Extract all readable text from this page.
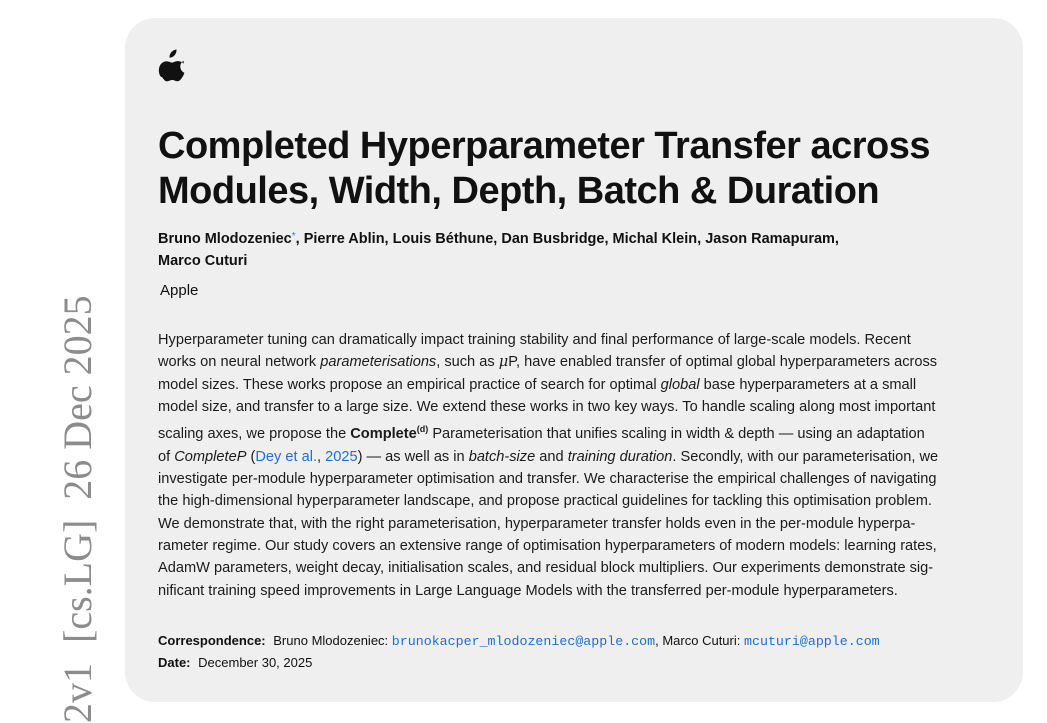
2v1  [cs.LG]  26 Dec 2025
Completed Hyperparameter Transfer across
Modules, Width, Depth, Batch & Duration
Bruno Mlodozeniec*, Pierre Ablin, Louis Béthune, Dan Busbridge, Michal Klein, Jason Ramapuram,
Marco Cuturi
Apple
Hyperparameter tuning can dramatically impact training stability and final performance of large-scale models. Recent
works on neural network parameterisations, such as μP, have enabled transfer of optimal global hyperparameters across
model sizes. These works propose an empirical practice of search for optimal global base hyperparameters at a small
model size, and transfer to a large size. We extend these works in two key ways. To handle scaling along most important
scaling axes, we propose the Complete$^{(d)}$ Parameterisation that unifies scaling in width & depth — using an adaptation
of CompleteP (Dey et al., 2025) — as well as in batch-size and training duration. Secondly, with our parameterisation, we
investigate per-module hyperparameter optimisation and transfer. We characterise the empirical challenges of navigating
the high-dimensional hyperparameter landscape, and propose practical guidelines for tackling this optimisation problem.
We demonstrate that, with the right parameterisation, hyperparameter transfer holds even in the per-module hyperpa-
rameter regime. Our study covers an extensive range of optimisation hyperparameters of modern models: learning rates,
AdamW parameters, weight decay, initialisation scales, and residual block multipliers. Our experiments demonstrate sig-
nificant training speed improvements in Large Language Models with the transferred per-module hyperparameters.
Correspondence: Bruno Mlodozeniec: brunokacper_mlodozeniec@apple.com, Marco Cuturi: mcuturi@apple.com
Date: December 30, 2025
